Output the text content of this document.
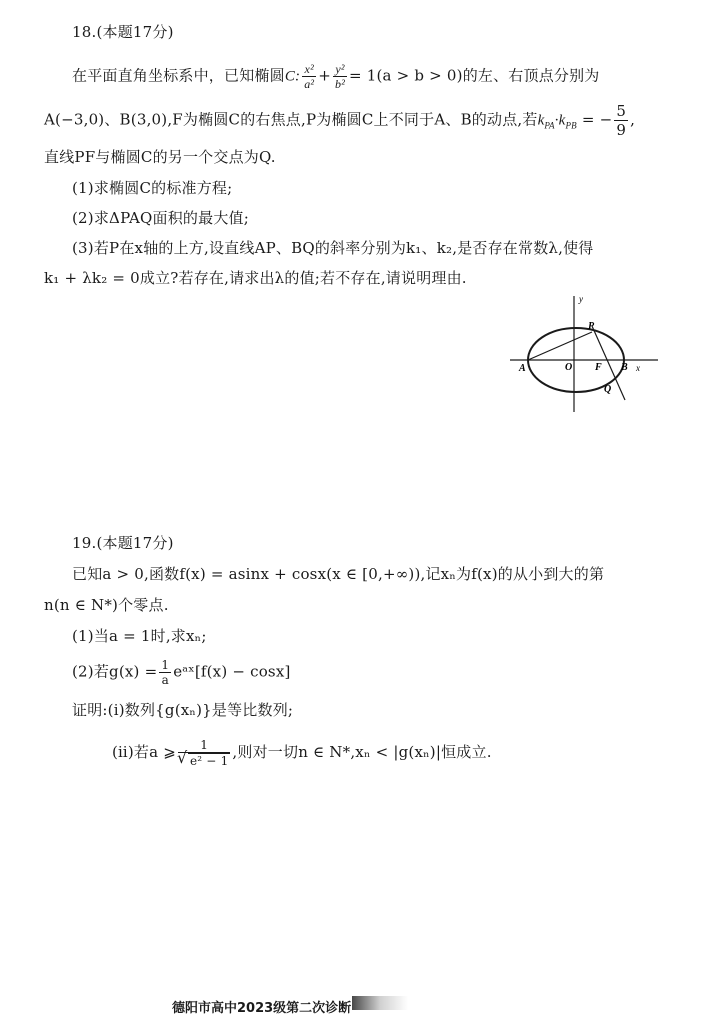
18.(本题17分)
在平面直角坐标系中，已知椭圆C: $\frac{\text{x²}}{\text{a²}} + \frac{\text{y²}}{\text{b²}} = 1(a > b > 0)$的左、右顶点分别为
A(−3,0)、B(3,0),F为椭圆C的右焦点,P为椭圆C上不同于A、B的动点,若$k_{PA}\cdot k_{PB}$ = − $\frac{5}{9}$ ,
直线PF与椭圆C的另一个交点为Q.
(1)求椭圆C的标准方程;
(2)求ΔPAQ面积的最大值;
(3)若P在x轴的上方,设直线AP、BQ的斜率分别为k₁、k₂,是否存在常数λ,使得
k₁ + λk₂ = 0成立?若存在,请求出λ的值;若不存在,请说明理由.
y
P
A	O F B x
Q
19.(本题17分)
已知a > 0,函数f(x) = asinx + cosx(x ∈ [0,+∞)),记xₙ为f(x)的从小到大的第
n(n ∈ N*)个零点.
(1)当a = 1时,求xₙ;
(2)若$g(x) = \frac{1}{a}$ eᵃˣ[f(x) − cosx]
证明:(ⅰ)数列{g(xₙ)}是等比数列;
(ⅱ)若a ⩾ 1
√ e² − 1 ,则对一切n ∈ N*,xₙ < |g(xₙ)|恒成立.
德阳市高中2023级第二次诊断
